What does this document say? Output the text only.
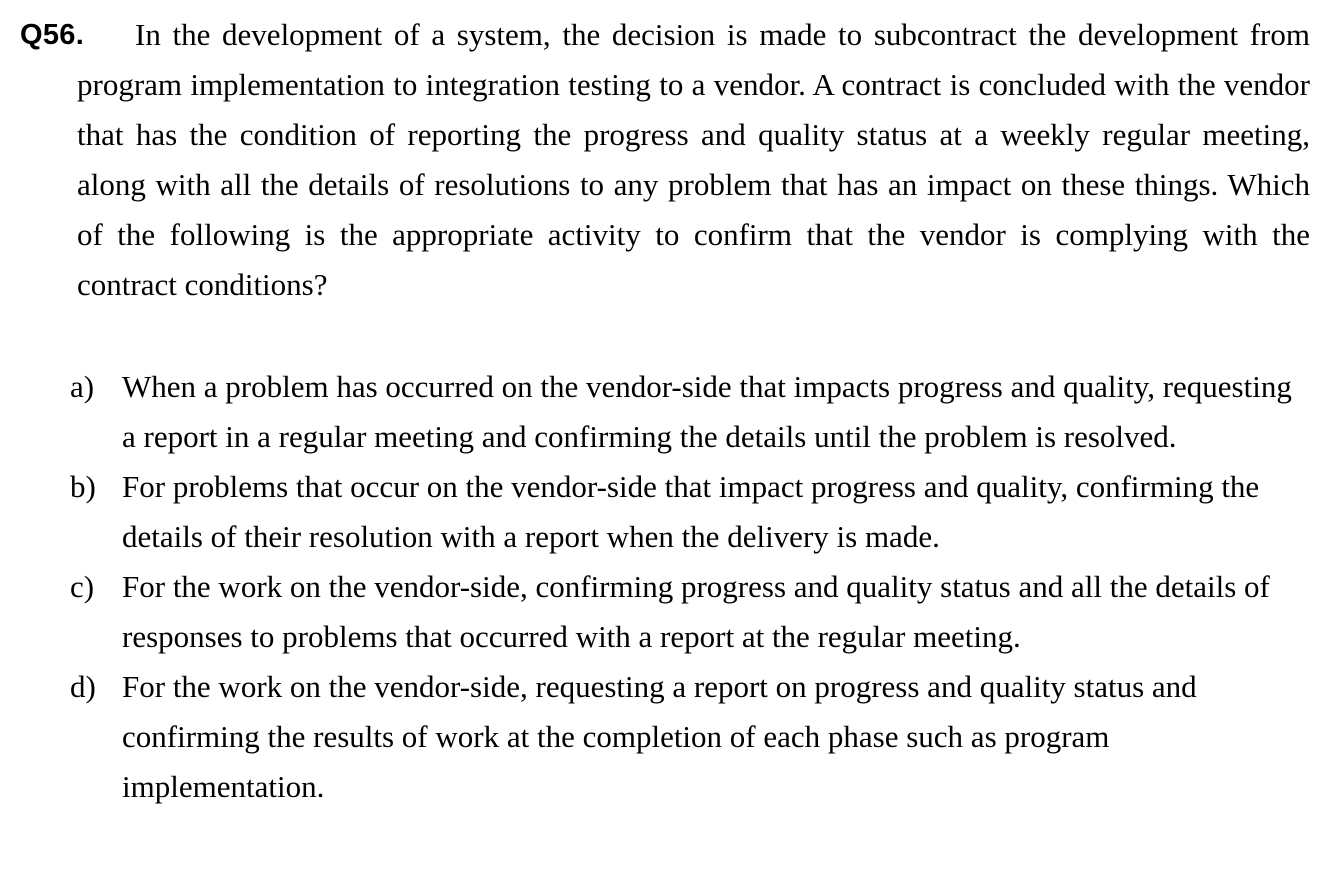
Q56.	In the development of a system, the decision is made to subcontract the development from program implementation to integration testing to a vendor. A contract is concluded with the vendor that has the condition of reporting the progress and quality status at a weekly regular meeting, along with all the details of resolutions to any problem that has an impact on these things. Which of the following is the appropriate activity to confirm that the vendor is complying with the contract conditions?

a) When a problem has occurred on the vendor-side that impacts progress and quality, requesting a report in a regular meeting and confirming the details until the problem is resolved.
b) For problems that occur on the vendor-side that impact progress and quality, confirming the details of their resolution with a report when the delivery is made.
c) For the work on the vendor-side, confirming progress and quality status and all the details of responses to problems that occurred with a report at the regular meeting.
d) For the work on the vendor-side, requesting a report on progress and quality status and confirming the results of work at the completion of each phase such as program implementation.
